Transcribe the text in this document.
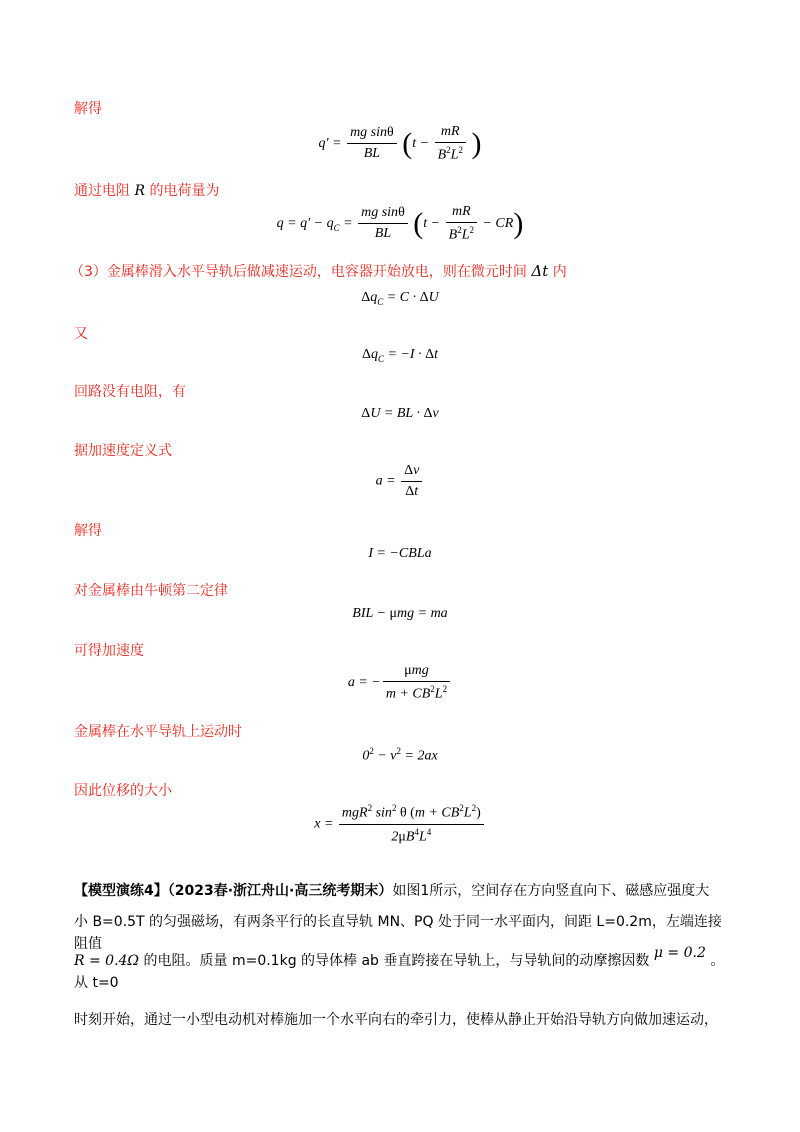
解得
$q' = \frac{\text{mg sinθ}}{BL} (t - \frac{mR}{B^2L^2}$ )
通过电阻 R 的电荷量为
$q = q' - q_C = \frac{\text{mg sinθ}}{BL} (t - \frac{mR}{B^2L^2} - CR)$
（3）金属棒滑入水平导轨后做减速运动，电容器开始放电，则在微元时间 Δt 内
$\Delta q_C = C \cdot \Delta U$
又
$\Delta q_C = -I \cdot \Delta t$
回路没有电阻，有
ΔU = BL · Δv
据加速度定义式
$a = \frac{\Delta v}{\Delta t}$
解得
I = −CBLa
对金属棒由牛顿第二定律
BIL − μmg = ma
可得加速度
a = − $\frac{\text{μmg}}{m + CB^2L^2}$
金属棒在水平导轨上运动时
$0^2 - v^2 = 2ax$
因此位移的大小
$x = \frac{mgR^2 \sin^2 \theta (m + CB^2L^2)}{2\mu B^4L^4}$
【模型演练4】（2023春·浙江舟山·高三统考期末）如图1所示，空间存在方向竖直向下、磁感应强度大
小 B=0.5T 的匀强磁场，有两条平行的长直导轨 MN、PQ 处于同一水平面内，间距 L=0.2m，左端连接阻值
R = 0.4Ω 的电阻。质量 m=0.1kg 的导体棒 ab 垂直跨接在导轨上，与导轨间的动摩擦因数 μ = 0.2 。从 t=0
时刻开始，通过一小型电动机对棒施加一个水平向右的牵引力，使棒从静止开始沿导轨方向做加速运动，
